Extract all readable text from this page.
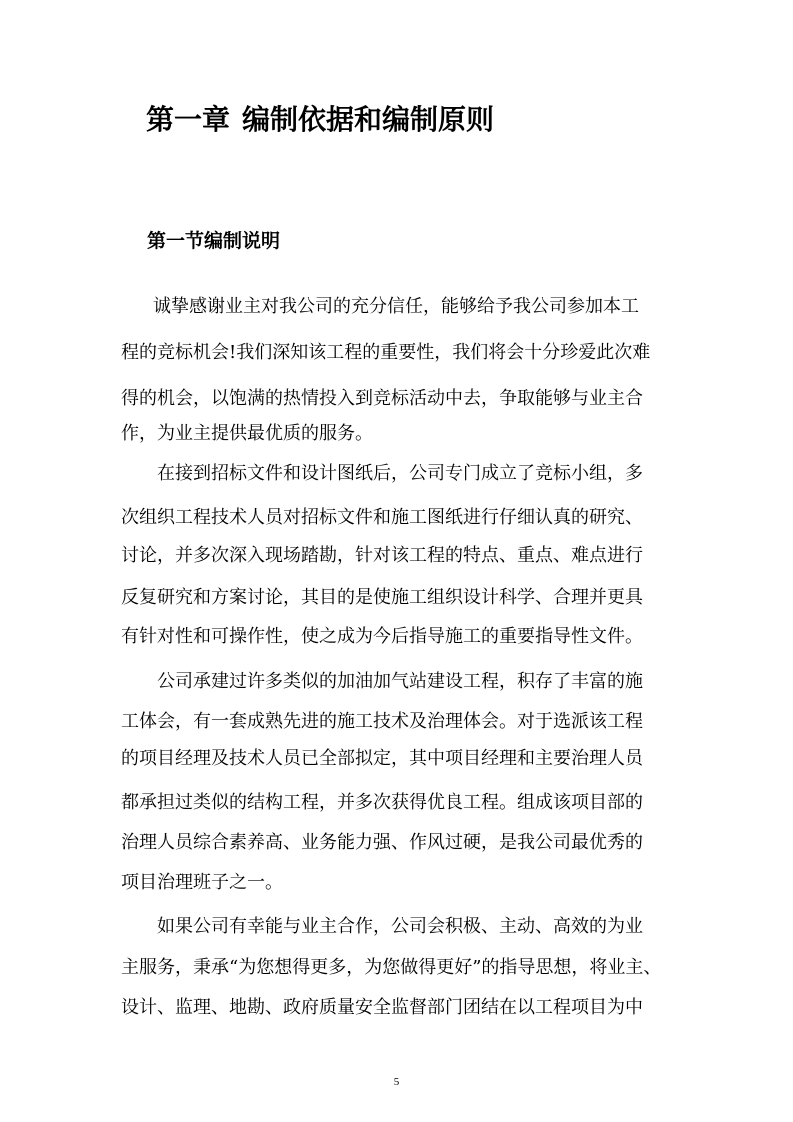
第一章 编制依据和编制原则
第一节编制说明

诚挚感谢业主对我公司的充分信任，能够给予我公司参加本工

程的竞标机会!我们深知该工程的重要性，我们将会十分珍爱此次难

得的机会，以饱满的热情投入到竞标活动中去，争取能够与业主合

作，为业主提供最优质的服务。

在接到招标文件和设计图纸后，公司专门成立了竞标小组，多

次组织工程技术人员对招标文件和施工图纸进行仔细认真的研究、

讨论，并多次深入现场踏勘，针对该工程的特点、重点、难点进行

反复研究和方案讨论，其目的是使施工组织设计科学、合理并更具

有针对性和可操作性，使之成为今后指导施工的重要指导性文件。

公司承建过许多类似的加油加气站建设工程，积存了丰富的施

工体会，有一套成熟先进的施工技术及治理体会。对于选派该工程

的项目经理及技术人员已全部拟定，其中项目经理和主要治理人员

都承担过类似的结构工程，并多次获得优良工程。组成该项目部的

治理人员综合素养高、业务能力强、作风过硬，是我公司最优秀的

项目治理班子之一。

如果公司有幸能与业主合作，公司会积极、主动、高效的为业

主服务，秉承“为您想得更多，为您做得更好”的指导思想，将业主、

设计、监理、地勘、政府质量安全监督部门团结在以工程项目为中

5
